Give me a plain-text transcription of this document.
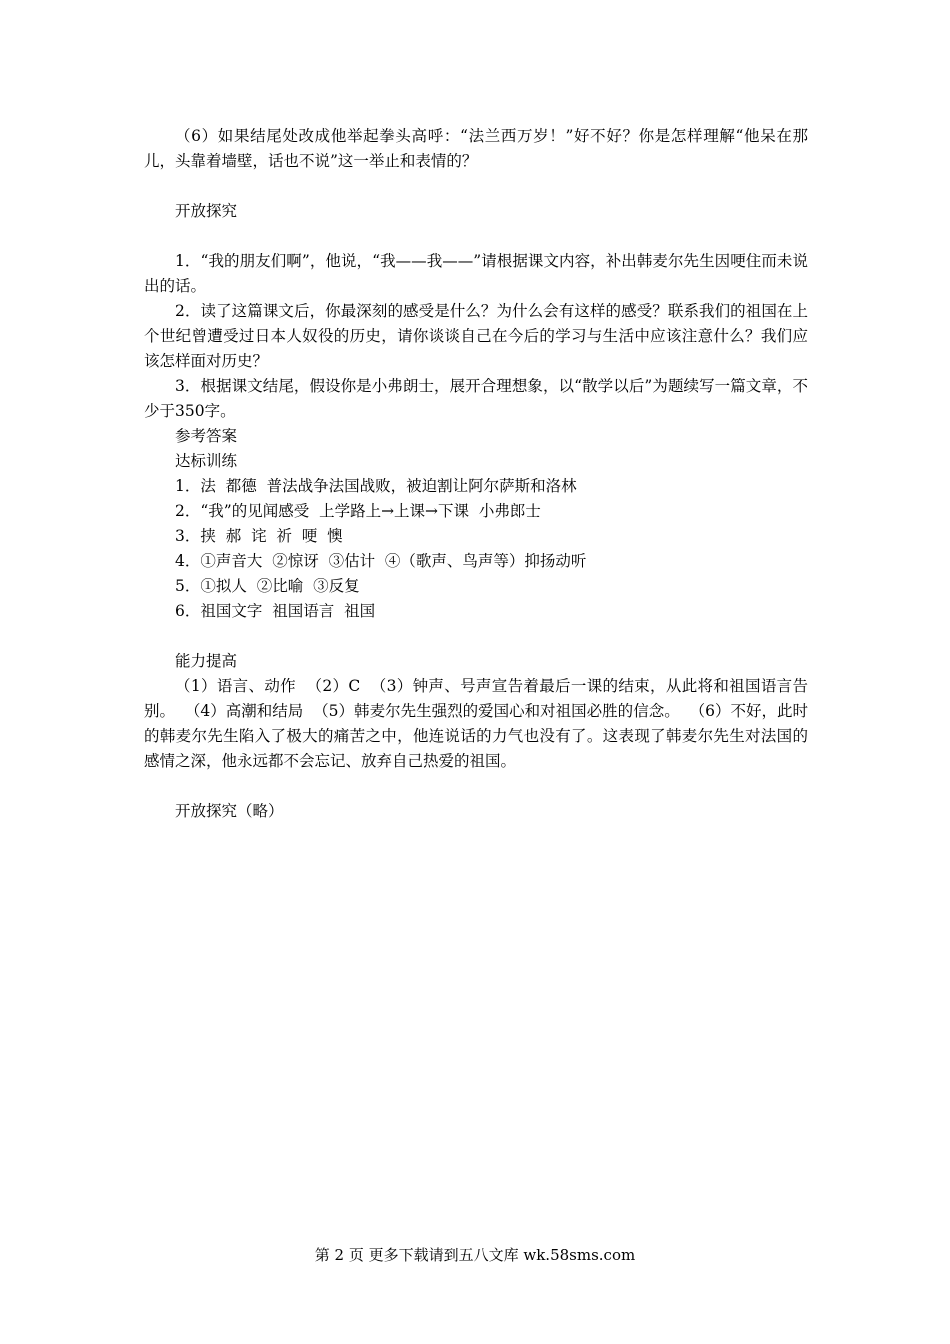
（6）如果结尾处改成他举起拳头高呼：“法兰西万岁！”好不好？你是怎样理解“他呆在那儿，头靠着墙壁，话也不说”这一举止和表情的？

开放探究

1．“我的朋友们啊”，他说，“我——我——”请根据课文内容，补出韩麦尔先生因哽住而未说出的话。

2．读了这篇课文后，你最深刻的感受是什么？为什么会有这样的感受？联系我们的祖国在上个世纪曾遭受过日本人奴役的历史，请你谈谈自己在今后的学习与生活中应该注意什么？我们应该怎样面对历史？

3．根据课文结尾，假设你是小弗朗士，展开合理想象，以“散学以后”为题续写一篇文章，不少于350字。

参考答案

达标训练

1．法  都德  普法战争法国战败，被迫割让阿尔萨斯和洛林

2．“我”的见闻感受  上学路上→上课→下课  小弗郎士

3．挟  郝  诧  祈  哽  懊

4．①声音大  ②惊讶  ③估计  ④（歌声、鸟声等）抑扬动听

5．①拟人  ②比喻  ③反复

6．祖国文字  祖国语言  祖国

能力提高

（1）语言、动作  （2）C  （3）钟声、号声宣告着最后一课的结束，从此将和祖国语言告别。  （4）高潮和结局  （5）韩麦尔先生强烈的爱国心和对祖国必胜的信念。  （6）不好，此时的韩麦尔先生陷入了极大的痛苦之中，他连说话的力气也没有了。这表现了韩麦尔先生对法国的感情之深，他永远都不会忘记、放弃自己热爱的祖国。

开放探究（略）

第 2 页 更多下载请到五八文库 wk.58sms.com
